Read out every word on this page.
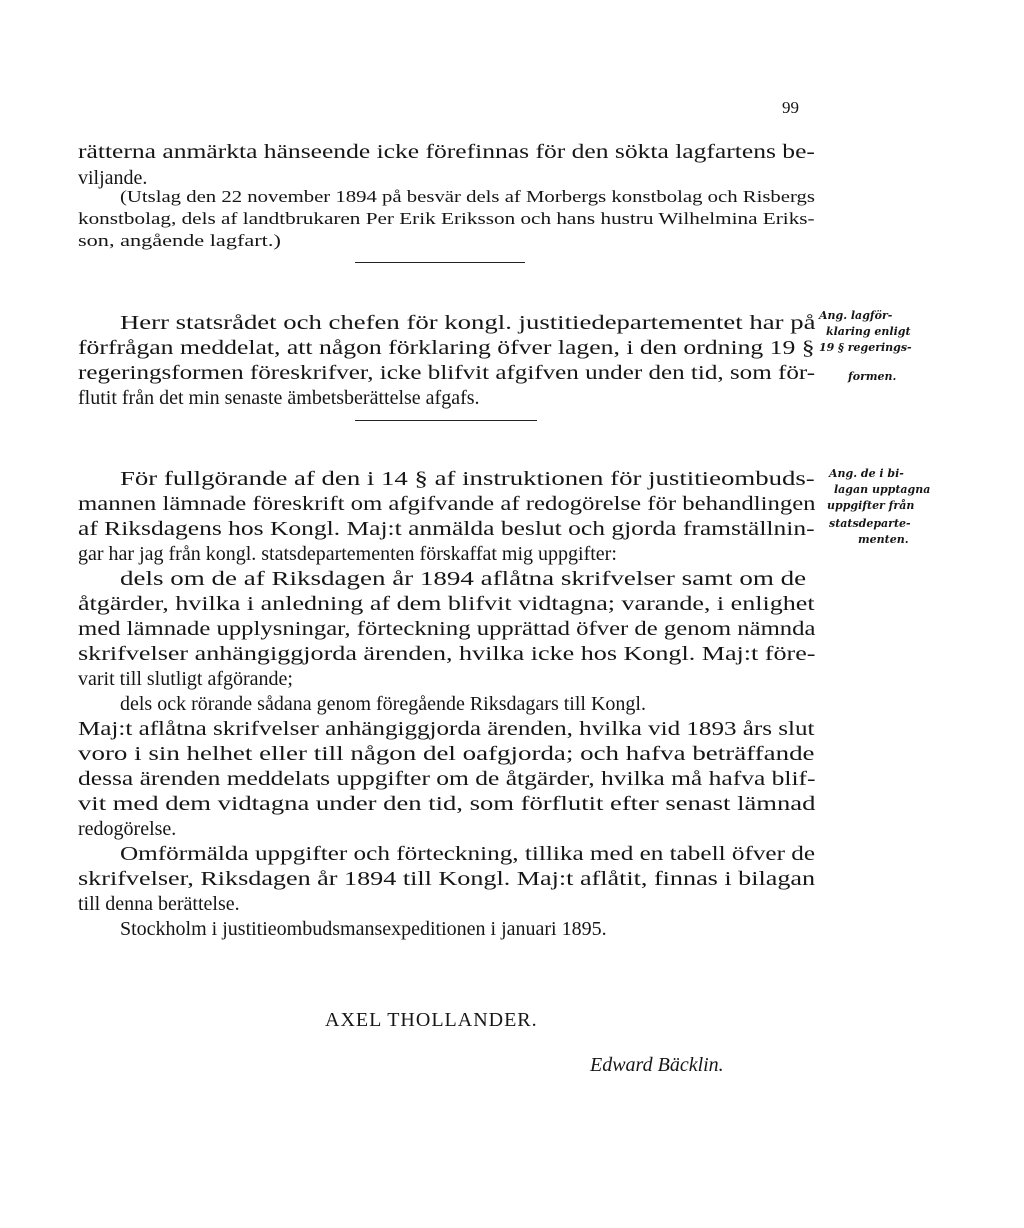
99
rätterna anmärkta hänseende icke förefinnas för den sökta lagfartens be-
viljande.
(Utslag den 22 november 1894 på besvär dels af Morbergs konstbolag och Risbergs
konstbolag, dels af landtbrukaren Per Erik Eriksson och hans hustru Wilhelmina Eriks-
son, angående lagfart.)
Herr statsrådet och chefen för kongl. justitiedepartementet har på
förfrågan meddelat, att någon förklaring öfver lagen, i den ordning 19 §
regeringsformen föreskrifver, icke blifvit afgifven under den tid, som för-
flutit från det min senaste ämbetsberättelse afgafs.
Ang. lagför-
klaring enligt
19 § regerings-
formen.
För fullgörande af den i 14 § af instruktionen för justitieombuds-
mannen lämnade föreskrift om afgifvande af redogörelse för behandlingen
af Riksdagens hos Kongl. Maj:t anmälda beslut och gjorda framställnin-
gar har jag från kongl. statsdepartementen förskaffat mig uppgifter:
dels om de af Riksdagen år 1894 aflåtna skrifvelser samt om de
åtgärder, hvilka i anledning af dem blifvit vidtagna; varande, i enlighet
med lämnade upplysningar, förteckning upprättad öfver de genom nämnda
skrifvelser anhängiggjorda ärenden, hvilka icke hos Kongl. Maj:t före-
varit till slutligt afgörande;
dels ock rörande sådana genom föregående Riksdagars till Kongl.
Maj:t aflåtna skrifvelser anhängiggjorda ärenden, hvilka vid 1893 års slut
voro i sin helhet eller till någon del oafgjorda; och hafva beträffande
dessa ärenden meddelats uppgifter om de åtgärder, hvilka må hafva blif-
vit med dem vidtagna under den tid, som förflutit efter senast lämnad
redogörelse.
Omförmälda uppgifter och förteckning, tillika med en tabell öfver de
skrifvelser, Riksdagen år 1894 till Kongl. Maj:t aflåtit, finnas i bilagan
till denna berättelse.
Stockholm i justitieombudsmansexpeditionen i januari 1895.
Ang. de i bi-
lagan upptagna
uppgifter från
statsdeparte-
menten.
AXEL THOLLANDER.
Edward Bäcklin.
